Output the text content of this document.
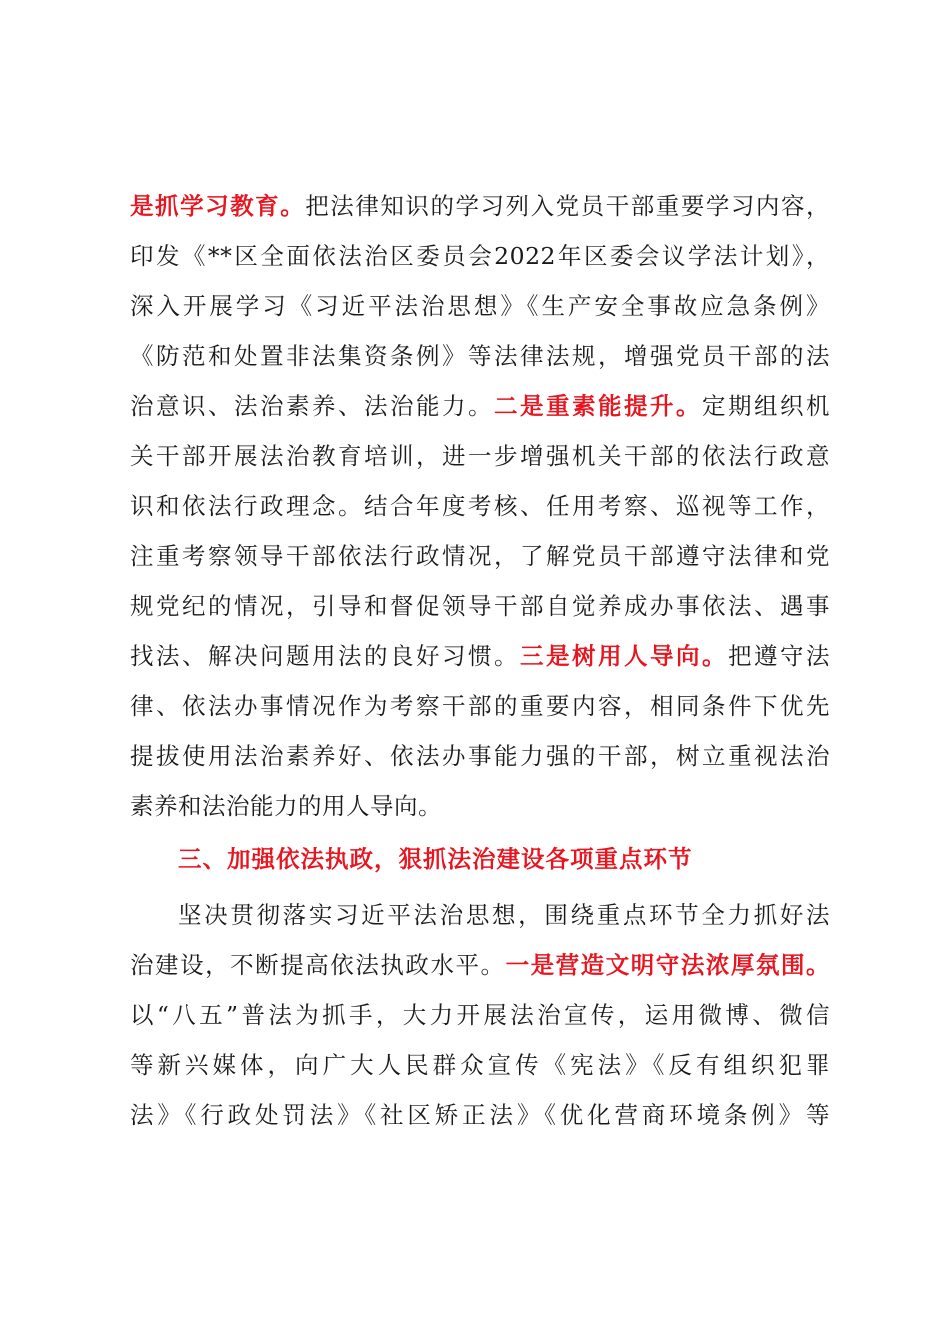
是抓学习教育。把法律知识的学习列入党员干部重要学习内容，
印发《**区全面依法治区委员会2022年区委会议学法计划》，
深入开展学习《习近平法治思想》《生产安全事故应急条例》
《防范和处置非法集资条例》等法律法规，增强党员干部的法
治意识、法治素养、法治能力。二是重素能提升。定期组织机
关干部开展法治教育培训，进一步增强机关干部的依法行政意
识和依法行政理念。结合年度考核、任用考察、巡视等工作，
注重考察领导干部依法行政情况，了解党员干部遵守法律和党
规党纪的情况，引导和督促领导干部自觉养成办事依法、遇事
找法、解决问题用法的良好习惯。三是树用人导向。把遵守法
律、依法办事情况作为考察干部的重要内容，相同条件下优先
提拔使用法治素养好、依法办事能力强的干部，树立重视法治
素养和法治能力的用人导向。
三、加强依法执政，狠抓法治建设各项重点环节
坚决贯彻落实习近平法治思想，围绕重点环节全力抓好法
治建设，不断提高依法执政水平。一是营造文明守法浓厚氛围。
以“八五”普法为抓手，大力开展法治宣传，运用微博、微信
等新兴媒体，向广大人民群众宣传《宪法》《反有组织犯罪
法》《行政处罚法》《社区矫正法》《优化营商环境条例》等
